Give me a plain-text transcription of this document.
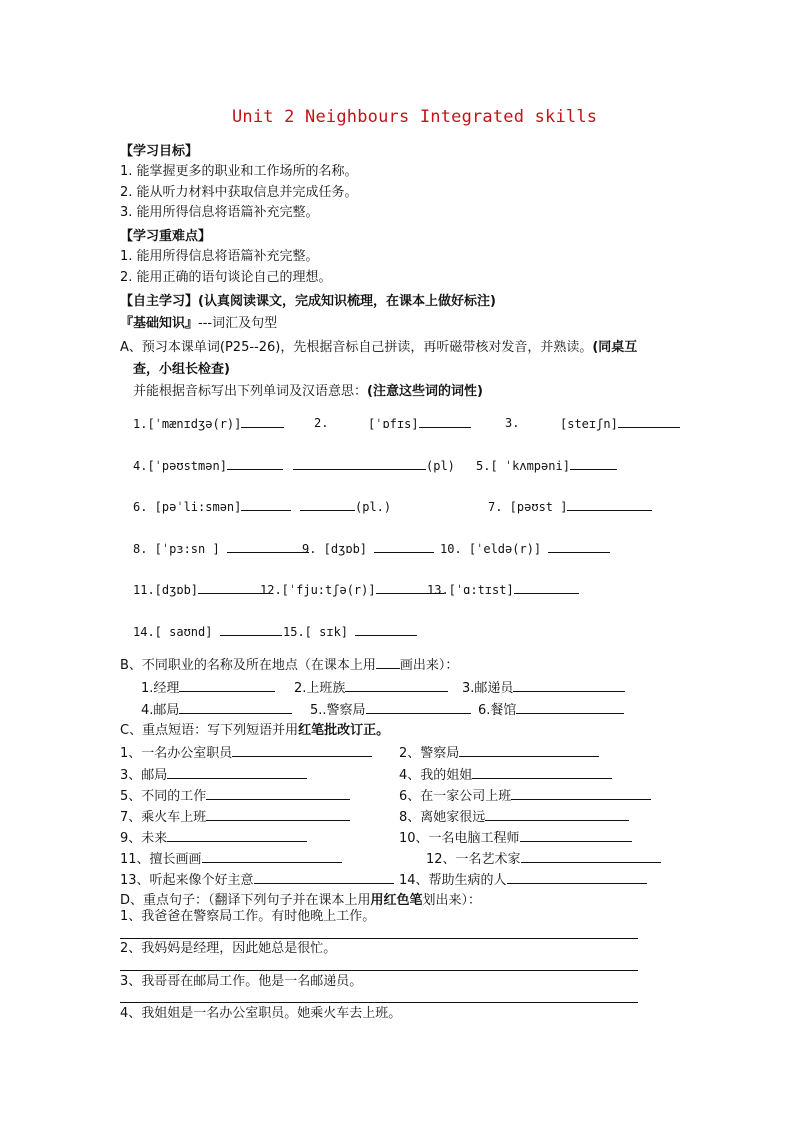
Unit 2 Neighbours Integrated skills
【学习目标】
1. 能掌握更多的职业和工作场所的名称。
2. 能从听力材料中获取信息并完成任务。
3. 能用所得信息将语篇补充完整。
【学习重难点】
1. 能用所得信息将语篇补充完整。
2. 能用正确的语句谈论自己的理想。
【自主学习】(认真阅读课文，完成知识梳理，在课本上做好标注)
『基础知识』---词汇及句型
A、预习本课单词(P25--26)，先根据音标自己拼读，再听磁带核对发音，并熟读。(同桌互
查，小组长检查)
并能根据音标写出下列单词及汉语意思：(注意这些词的词性)
1.[ˈmænɪdʒə(r)]	2.	[ˈɒfɪs]	3.	[steɪʃn]
4.[ˈpəʊstmən]	(pl) 5.[ ˈkʌmpəni]
6. [pəˈli:smən]	(pl.)	7. [pəʊst ]
8. [ˈpɜ:sn ]	9. [dʒɒb]	10. [ˈeldə(r)]
11.[dʒɒb]	12.[ˈfju:tʃə(r)]	13.[ˈɑ:tɪst]
14.[ saʊnd]	15.[ sɪk]
B、不同职业的名称及所在地点（在课本上用 画出来）：
1.经理	2.上班族	3.邮递员
4.邮局	5..警察局	6.餐馆
C、重点短语：写下列短语并用红笔批改订正。
1、一名办公室职员	2、警察局
3、邮局	4、我的姐姐
5、不同的工作	6、在一家公司上班
7、乘火车上班	8、离她家很远
9、未来	10、一名电脑工程师
11、擅长画画	12、一名艺术家
13、听起来像个好主意	14、帮助生病的人
D、重点句子：（翻译下列句子并在课本上用用红色笔划出来）：
1、我爸爸在警察局工作。有时他晚上工作。
2、我妈妈是经理，因此她总是很忙。
3、我哥哥在邮局工作。他是一名邮递员。
4、我姐姐是一名办公室职员。她乘火车去上班。
